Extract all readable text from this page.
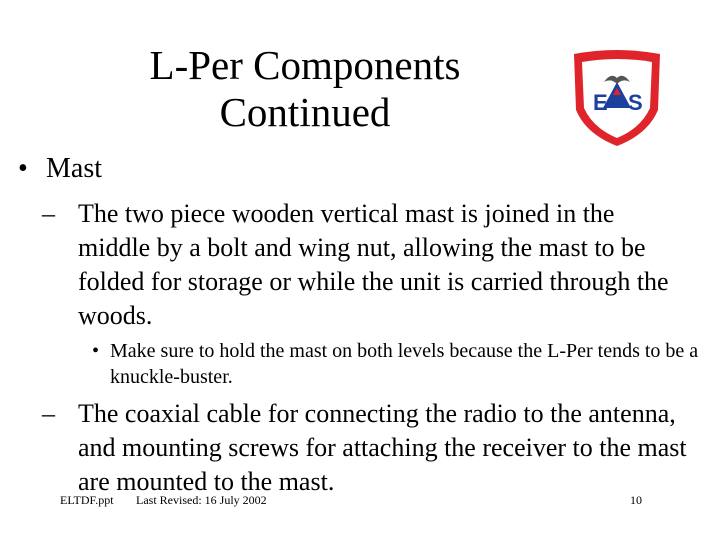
L-Per Components
Continued	E S
• Mast
– The two piece wooden vertical mast is joined in the middle by a bolt and wing nut, allowing the mast to be folded for storage or while the unit is carried through the woods.
• Make sure to hold the mast on both levels because the L-Per tends to be a knuckle-buster.
– The coaxial cable for connecting the radio to the antenna, and mounting screws for attaching the receiver to the mast are mounted to the mast.
ELTDF.ppt Last Revised: 16 July 2002	10
